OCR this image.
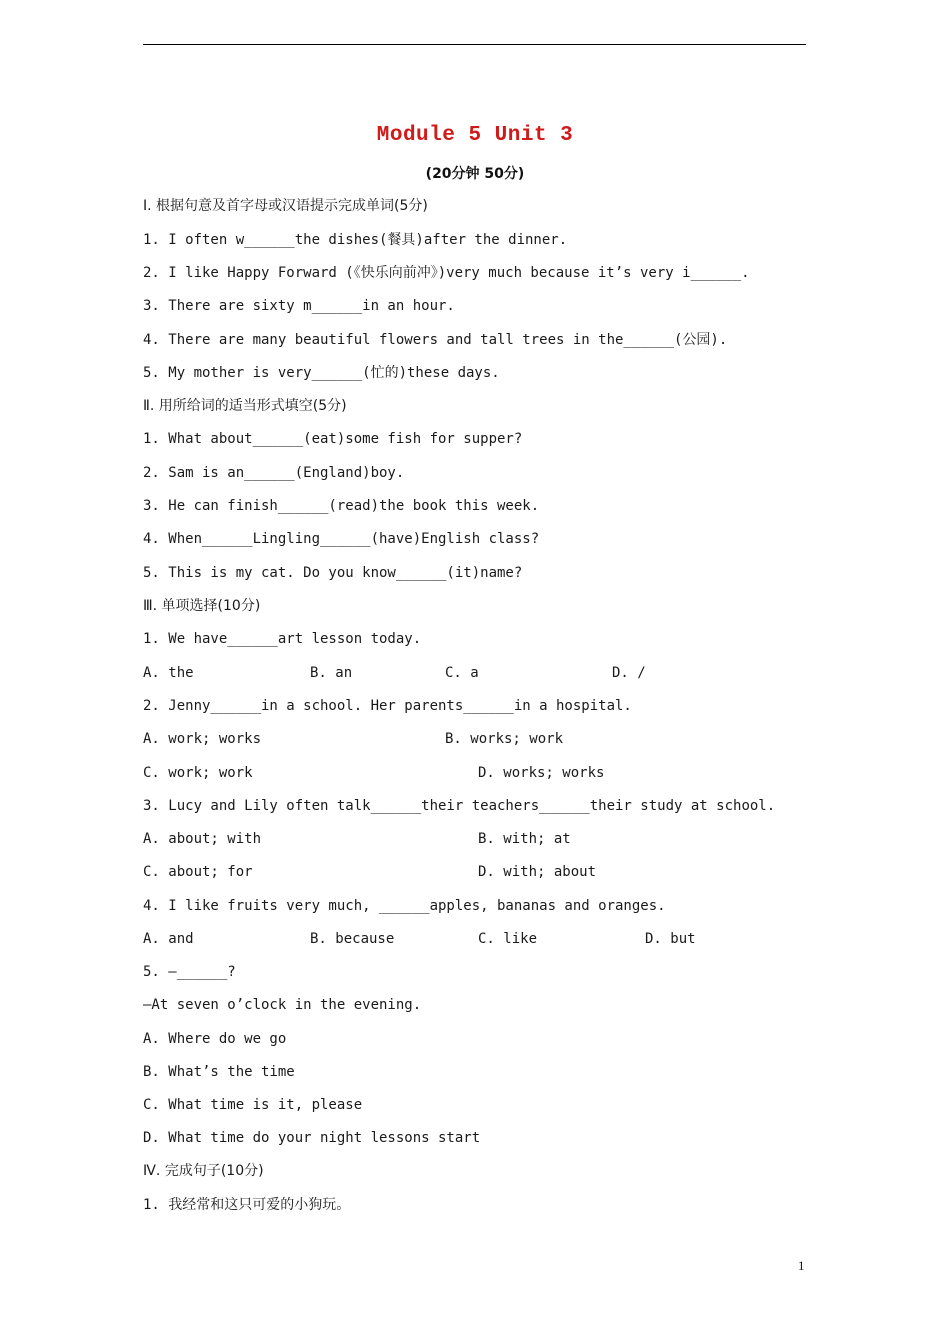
Module 5 Unit 3
(20分钟 50分)
Ⅰ. 根据句意及首字母或汉语提示完成单词(5分)
1. I often w______the dishes(餐具)after the dinner.
2. I like Happy Forward (《快乐向前冲》)very much because it’s very i______.
3. There are sixty m______in an hour.
4. There are many beautiful flowers and tall trees in the______(公园).
5. My mother is very______(忙的)these days.
Ⅱ. 用所给词的适当形式填空(5分)
1. What about______(eat)some fish for supper?
2. Sam is an______(England)boy.
3. He can finish______(read)the book this week.
4. When______Lingling______(have)English class?
5. This is my cat. Do you know______(it)name?
Ⅲ. 单项选择(10分)
1. We have______art lesson today.
A. the	B. an	C. a	D. /
2. Jenny______in a school. Her parents______in a hospital.
A. work; works	B. works; work
C. work; work	D. works; works
3. Lucy and Lily often talk______their teachers______their study at school.
A. about; with	B. with; at
C. about; for	D. with; about
4. I like fruits very much, ______apples, bananas and oranges.
A. and	B. because	C. like	D. but
5. —______?
—At seven o’clock in the evening.
A. Where do we go
B. What’s the time
C. What time is it, please
D. What time do your night lessons start
Ⅳ. 完成句子(10分)
1. 我经常和这只可爱的小狗玩。
1
